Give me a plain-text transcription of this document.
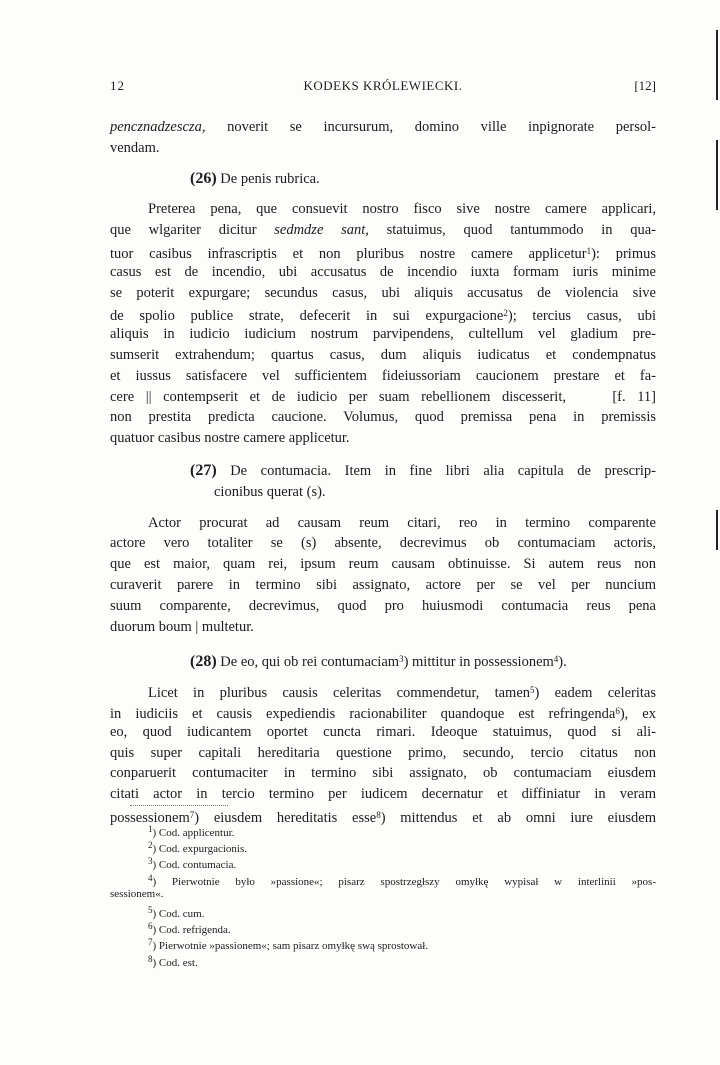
12	KODEKS KRÓLEWIECKI.	[12]
pencznadzescza, noverit se incursurum, domino ville inpignorate persol-
vendam.
(26) De penis rubrica.
Preterea pena, que consuevit nostro fisco sive nostre camere applicari,
que wlgariter dicitur sedmdze sant, statuimus, quod tantummodo in qua-
tuor casibus infrascriptis et non pluribus nostre camere applicetur$^1$): primus
casus est de incendio, ubi accusatus de incendio iuxta formam iuris minime
se poterit expurgare; secundus casus, ubi aliquis accusatus de violencia sive
de spolio publice strate, defecerit in sui expurgacione$^2$); tercius casus, ubi
aliquis in iudicio iudicium nostrum parvipendens, cultellum vel gladium pre-
sumserit extrahendum; quartus casus, dum aliquis iudicatus et condempnatus
et iussus satisfacere vel sufficientem fideiussoriam caucionem prestare et fa-
cere || contempserit et de iudicio per suam rebellionem discesserit,    [f. 11]
non prestita predicta caucione. Volumus, quod premissa pena in premissis
quatuor casibus nostre camere applicetur.
(27) De contumacia. Item in fine libri alia capitula de prescrip-
cionibus querat (s).
Actor procurat ad causam reum citari, reo in termino comparente
actore vero totaliter se (s) absente, decrevimus ob contumaciam actoris,
que est maior, quam rei, ipsum reum causam obtinuisse. Si autem reus non
curaverit parere in termino sibi assignato, actore per se vel per nuncium
suum comparente, decrevimus, quod pro huiusmodi contumacia reus pena
duorum boum | multetur.
(28) De eo, qui ob rei contumaciam$^3$) mittitur in possessionem$^4$).
Licet in pluribus causis celeritas commendetur, tamen$^5$) eadem celeritas
in iudiciis et causis expediendis racionabiliter quandoque est refringenda$^6$), ex
eo, quod iudicantem oportet cuncta rimari. Ideoque statuimus, quod si ali-
quis super capitali hereditaria questione primo, secundo, tercio citatus non
conparuerit contumaciter in termino sibi assignato, ob contumaciam eiusdem
citati actor in tercio termino per iudicem decernatur et diffiniatur in veram
possessionem$^7$) eiusdem hereditatis esse$^8$) mittendus et ab omni iure eiusdem
$^1$) Cod. applicentur.
$^2$) Cod. expurgacionis.
$^3$) Cod. contumacia.
$^4$) Pierwotnie było »passione«; pisarz spostrzegłszy omyłkę wypisał w interlinii »pos-
sessionem«.
$^5$) Cod. cum.
$^6$) Cod. refrigenda.
$^7$) Pierwotnie »passionem«; sam pisarz omyłkę swą sprostował.
$^8$) Cod. est.
